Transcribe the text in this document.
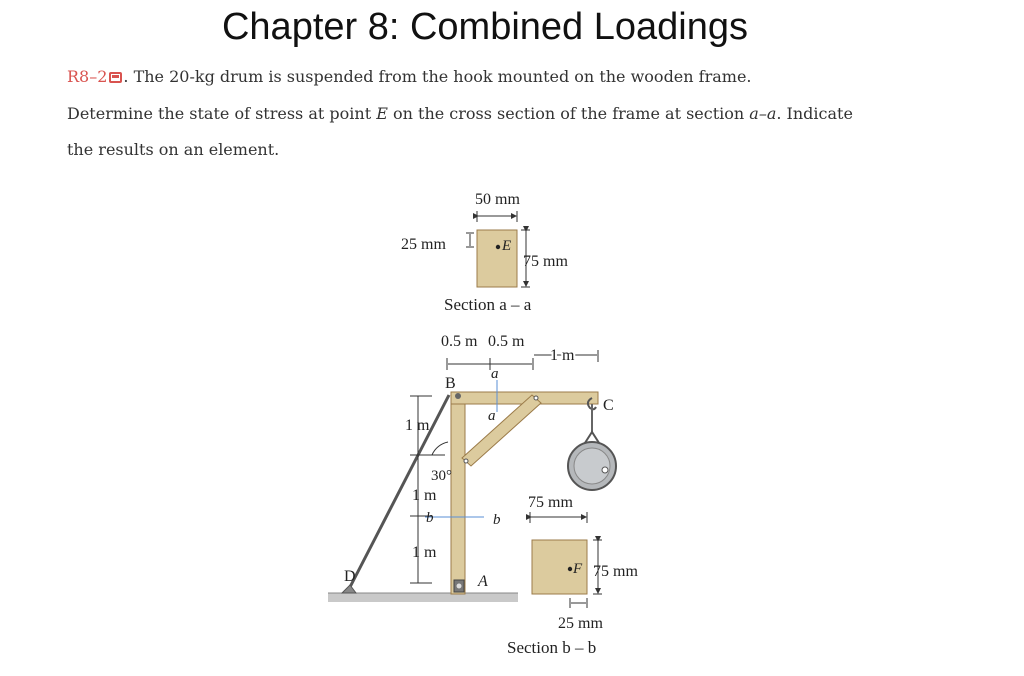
Chapter 8: Combined Loadings
R8–2 . The 20-kg drum is suspended from the hook mounted on the wooden frame.
Determine the state of stress at point E on the cross section of the frame at section a–a. Indicate
the results on an element.
50 mm
E
25 mm
75 mm
Section a – a
0.5 m 0.5 m
1 m
a
a
B
C
D	A
1 m
30°
1 m
1 m
b	b
75 mm
F 75 mm
25 mm
Section b – b
